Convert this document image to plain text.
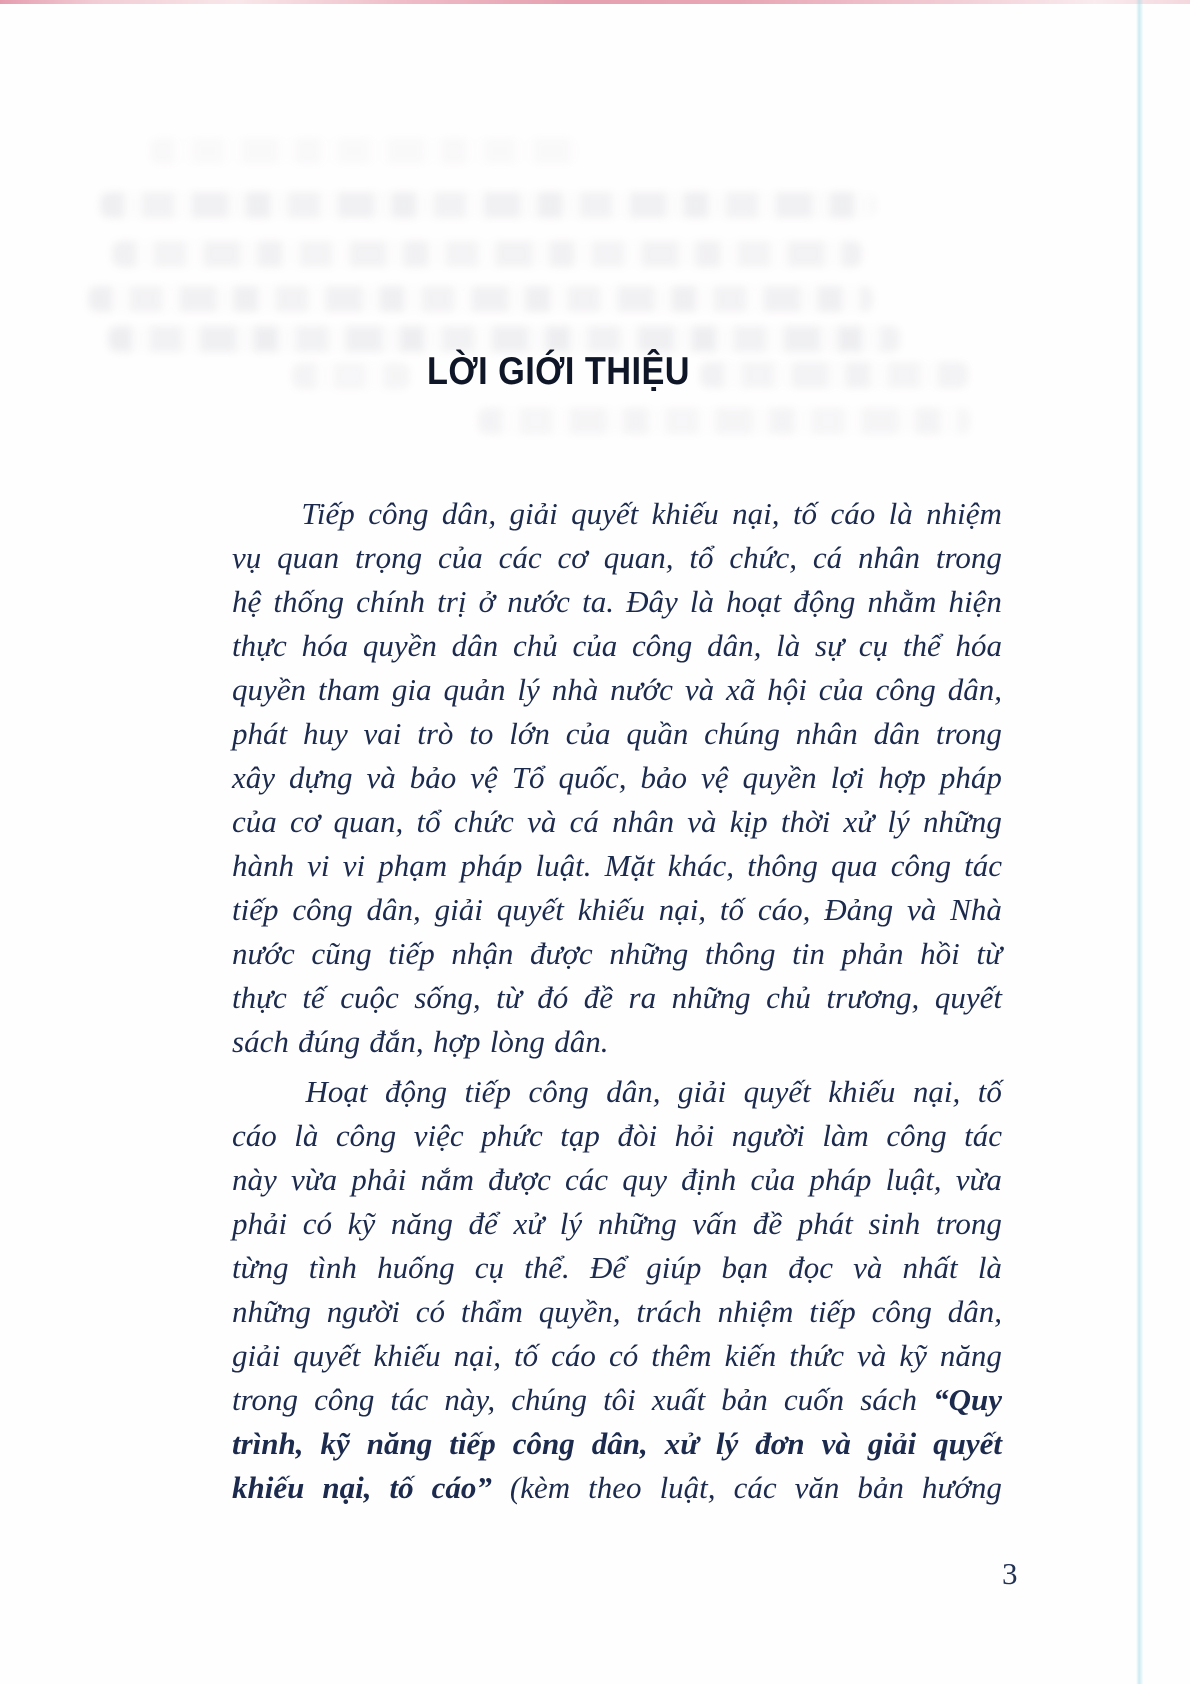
LỜI GIỚI THIỆU
Tiếp công dân, giải quyết khiếu nại, tố cáo là nhiệm
vụ quan trọng của các cơ quan, tổ chức, cá nhân trong
hệ thống chính trị ở nước ta. Đây là hoạt động nhằm hiện
thực hóa quyền dân chủ của công dân, là sự cụ thể hóa
quyền tham gia quản lý nhà nước và xã hội của công dân,
phát huy vai trò to lớn của quần chúng nhân dân trong
xây dựng và bảo vệ Tổ quốc, bảo vệ quyền lợi hợp pháp
của cơ quan, tổ chức và cá nhân và kịp thời xử lý những
hành vi vi phạm pháp luật. Mặt khác, thông qua công tác
tiếp công dân, giải quyết khiếu nại, tố cáo, Đảng và Nhà
nước cũng tiếp nhận được những thông tin phản hồi từ
thực tế cuộc sống, từ đó đề ra những chủ trương, quyết
sách đúng đắn, hợp lòng dân.
Hoạt động tiếp công dân, giải quyết khiếu nại, tố
cáo là công việc phức tạp đòi hỏi người làm công tác
này vừa phải nắm được các quy định của pháp luật, vừa
phải có kỹ năng để xử lý những vấn đề phát sinh trong
từng tình huống cụ thể. Để giúp bạn đọc và nhất là
những người có thẩm quyền, trách nhiệm tiếp công dân,
giải quyết khiếu nại, tố cáo có thêm kiến thức và kỹ năng
trong công tác này, chúng tôi xuất bản cuốn sách “Quy
trình, kỹ năng tiếp công dân, xử lý đơn và giải quyết
khiếu nại, tố cáo” (kèm theo luật, các văn bản hướng
3
